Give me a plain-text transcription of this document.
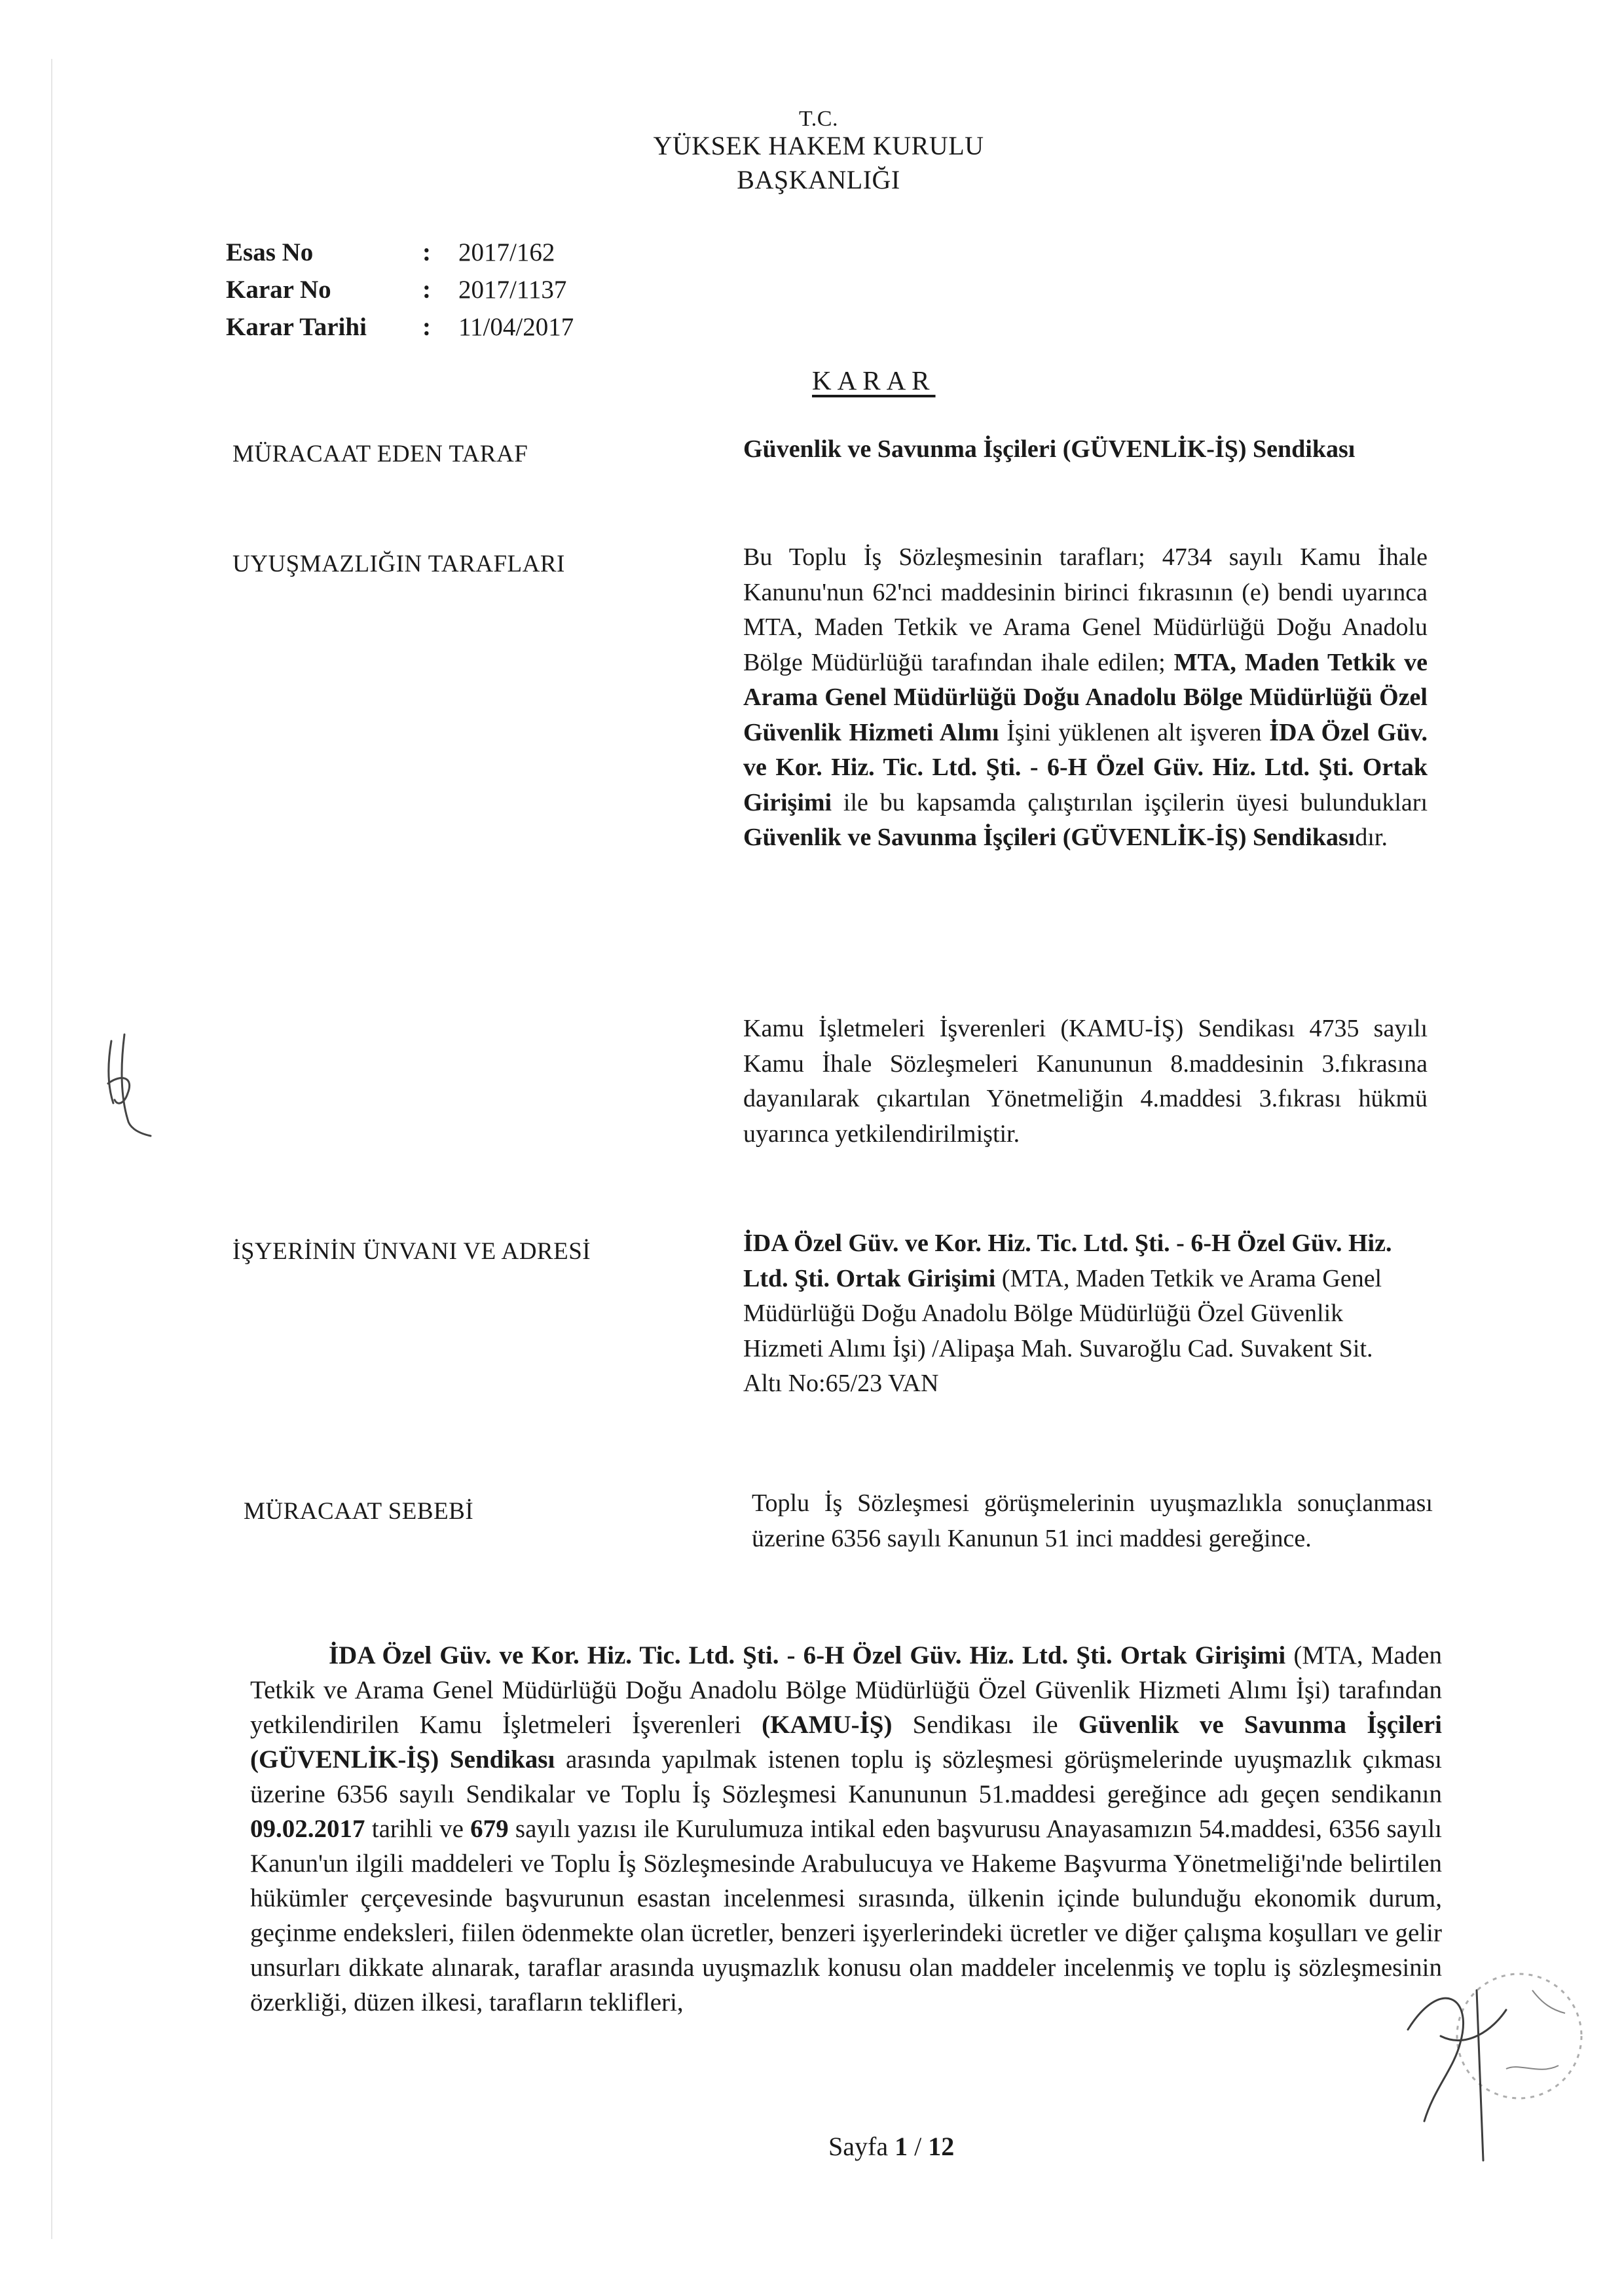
T.C.
YÜKSEK HAKEM KURULU
BAŞKANLIĞI
Esas No	: 2017/162
Karar No	: 2017/1137
Karar Tarihi : 11/04/2017
KARAR
MÜRACAAT EDEN TARAF	Güvenlik ve Savunma İşçileri (GÜVENLİK-İŞ) Sendikası
UYUŞMAZLIĞIN TARAFLARI	Bu Toplu İş Sözleşmesinin tarafları; 4734 sayılı Kamu İhale Kanunu'nun 62'nci maddesinin birinci fıkrasının (e) bendi uyarınca MTA, Maden Tetkik ve Arama Genel Müdürlüğü Doğu Anadolu Bölge Müdürlüğü tarafından ihale edilen; MTA, Maden Tetkik ve Arama Genel Müdürlüğü Doğu Anadolu Bölge Müdürlüğü Özel Güvenlik Hizmeti Alımı İşini yüklenen alt işveren İDA Özel Güv. ve Kor. Hiz. Tic. Ltd. Şti. - 6-H Özel Güv. Hiz. Ltd. Şti. Ortak Girişimi ile bu kapsamda çalıştırılan işçilerin üyesi bulundukları Güvenlik ve Savunma İşçileri (GÜVENLİK-İŞ) Sendikasıdır.

Kamu İşletmeleri İşverenleri (KAMU-İŞ) Sendikası 4735 sayılı Kamu İhale Sözleşmeleri Kanununun 8.maddesinin 3.fıkrasına dayanılarak çıkartılan Yönetmeliğin 4.maddesi 3.fıkrası hükmü uyarınca yetkilendirilmiştir.
İŞYERİNİN ÜNVANI VE ADRESİ	İDA Özel Güv. ve Kor. Hiz. Tic. Ltd. Şti. - 6-H Özel Güv. Hiz. Ltd. Şti. Ortak Girişimi (MTA, Maden Tetkik ve Arama Genel Müdürlüğü Doğu Anadolu Bölge Müdürlüğü Özel Güvenlik Hizmeti Alımı İşi) /Alipaşa Mah. Suvaroğlu Cad. Suvakent Sit. Altı No:65/23 VAN
MÜRACAAT SEBEBİ	Toplu İş Sözleşmesi görüşmelerinin uyuşmazlıkla sonuçlanması üzerine 6356 sayılı Kanunun 51 inci maddesi gereğince.

İDA Özel Güv. ve Kor. Hiz. Tic. Ltd. Şti. - 6-H Özel Güv. Hiz. Ltd. Şti. Ortak Girişimi (MTA, Maden Tetkik ve Arama Genel Müdürlüğü Doğu Anadolu Bölge Müdürlüğü Özel Güvenlik Hizmeti Alımı İşi) tarafından yetkilendirilen Kamu İşletmeleri İşverenleri (KAMU-İŞ) Sendikası ile Güvenlik ve Savunma İşçileri (GÜVENLİK-İŞ) Sendikası arasında yapılmak istenen toplu iş sözleşmesi görüşmelerinde uyuşmazlık çıkması üzerine 6356 sayılı Sendikalar ve Toplu İş Sözleşmesi Kanununun 51.maddesi gereğince adı geçen sendikanın 09.02.2017 tarihli ve 679 sayılı yazısı ile Kurulumuza intikal eden başvurusu Anayasamızın 54.maddesi, 6356 sayılı Kanun'un ilgili maddeleri ve Toplu İş Sözleşmesinde Arabulucuya ve Hakeme Başvurma Yönetmeliği'nde belirtilen hükümler çerçevesinde başvurunun esastan incelenmesi sırasında, ülkenin içinde bulunduğu ekonomik durum, geçinme endeksleri, fiilen ödenmekte olan ücretler, benzeri işyerlerindeki ücretler ve diğer çalışma koşulları ve gelir unsurları dikkate alınarak, taraflar arasında uyuşmazlık konusu olan maddeler incelenmiş ve toplu iş sözleşmesinin özerkliği, düzen ilkesi, tarafların teklifleri,

Sayfa 1 / 12
